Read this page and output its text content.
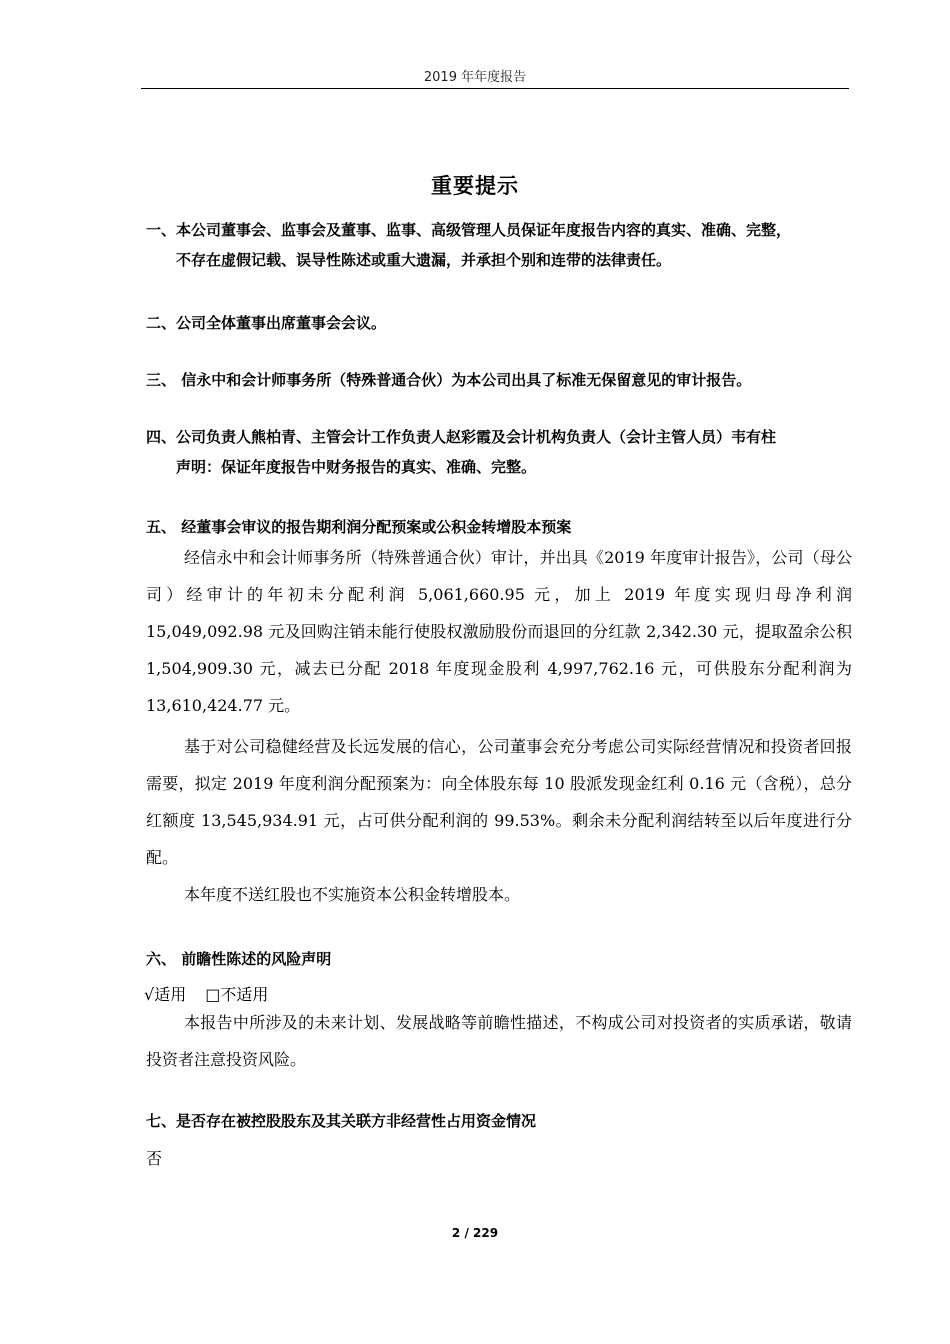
2019 年年度报告
重要提示
一、本公司董事会、监事会及董事、监事、高级管理人员保证年度报告内容的真实、准确、完整，
不存在虚假记载、误导性陈述或重大遗漏，并承担个别和连带的法律责任。
二、公司全体董事出席董事会会议。
三、 信永中和会计师事务所（特殊普通合伙）为本公司出具了标准无保留意见的审计报告。
四、公司负责人熊柏青、主管会计工作负责人赵彩霞及会计机构负责人（会计主管人员）韦有柱
声明：保证年度报告中财务报告的真实、准确、完整。
五、 经董事会审议的报告期利润分配预案或公积金转增股本预案
经信永中和会计师事务所（特殊普通合伙）审计，并出具《2019 年度审计报告》，公司（母公司）经审计的年初未分配利润 5,061,660.95 元，加上 2019 年度实现归母净利润 15,049,092.98 元及回购注销未能行使股权激励股份而退回的分红款 2,342.30 元，提取盈余公积 1,504,909.30 元，减去已分配 2018 年度现金股利 4,997,762.16 元，可供股东分配利润为 13,610,424.77 元。
基于对公司稳健经营及长远发展的信心，公司董事会充分考虑公司实际经营情况和投资者回报需要，拟定 2019 年度利润分配预案为：向全体股东每 10 股派发现金红利 0.16 元（含税），总分红额度 13,545,934.91 元，占可供分配利润的 99.53%。剩余未分配利润结转至以后年度进行分配。
本年度不送红股也不实施资本公积金转增股本。
六、 前瞻性陈述的风险声明
√适用 □不适用
本报告中所涉及的未来计划、发展战略等前瞻性描述，不构成公司对投资者的实质承诺，敬请投资者注意投资风险。
七、是否存在被控股股东及其关联方非经营性占用资金情况
否
2 / 229
